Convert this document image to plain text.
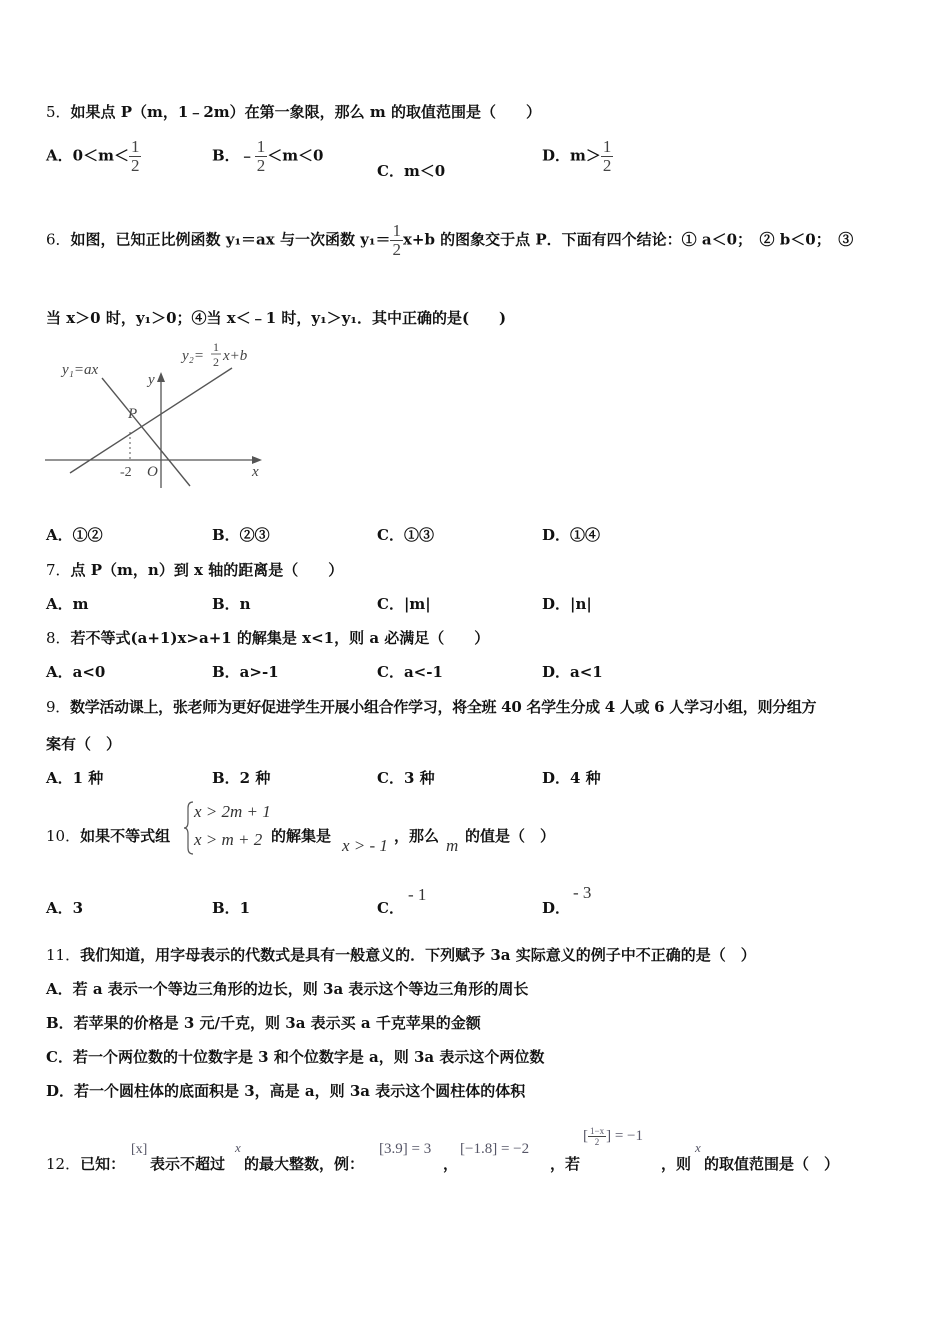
5．如果点 P（m，1﹣2m）在第一象限，那么 m 的取值范围是（　　）
A．$0<m< \frac{1}{2}$	B．﹣ $\frac{1}{2} <m<0$
C．m＜0
D．$m> \frac{1}{2}$
6．如图，已知正比例函数 y₁＝ax 与一次函数 $y_1= \frac{1}{2} x+b$ 的图象交于点 P．下面有四个结论：① a＜0；　② b＜0；　③
当 x＞0 时，y₁＞0；④当 x＜﹣1 时，y₁＞y₁．其中正确的是(　　)
y₁=ax
y₂=
1
2 x+b
P
y
x
O
-2
A．①②	B．②③	C．①③	D．①④
7．点 P（m，n）到 x 轴的距离是（　　）
A．m	B．n	C．|m|	D．|n|
8．若不等式(a+1)x>a+1 的解集是 x<1，则 a 必满足（　　）
A．a<0	B．a>-1	C．a<-1	D．a<1
9．数学活动课上，张老师为更好促进学生开展小组合作学习，将全班 40 名学生分成 4 人或 6 人学习小组，则分组方
案有（　）
A．1 种	B．2 种	C．3 种	D．4 种
10．如果不等式组
x > 2m + 1
x > m + 2 的解集是 x > - 1 ，那么 m 的值是（　）
A．3	B．1	C．
- 1
D．
- 3
11．我们知道，用字母表示的代数式是具有一般意义的．下列赋予 3a 实际意义的例子中不正确的是（　）
A．若 a 表示一个等边三角形的边长，则 3a 表示这个等边三角形的周长
B．若苹果的价格是 3 元/千克，则 3a 表示买 a 千克苹果的金额
C．若一个两位数的十位数字是 3 和个位数字是 a，则 3a 表示这个两位数
D．若一个圆柱体的底面积是 3，高是 a，则 3a 表示这个圆柱体的体积
12．已知：
[x]
表示不超过
x
的最大整数，例：
[3.9] = 3
，
[−1.8] = −2
，若
[ $\frac{1-x}{2}$ ] = −1
，则
x
的取值范围是（　）
